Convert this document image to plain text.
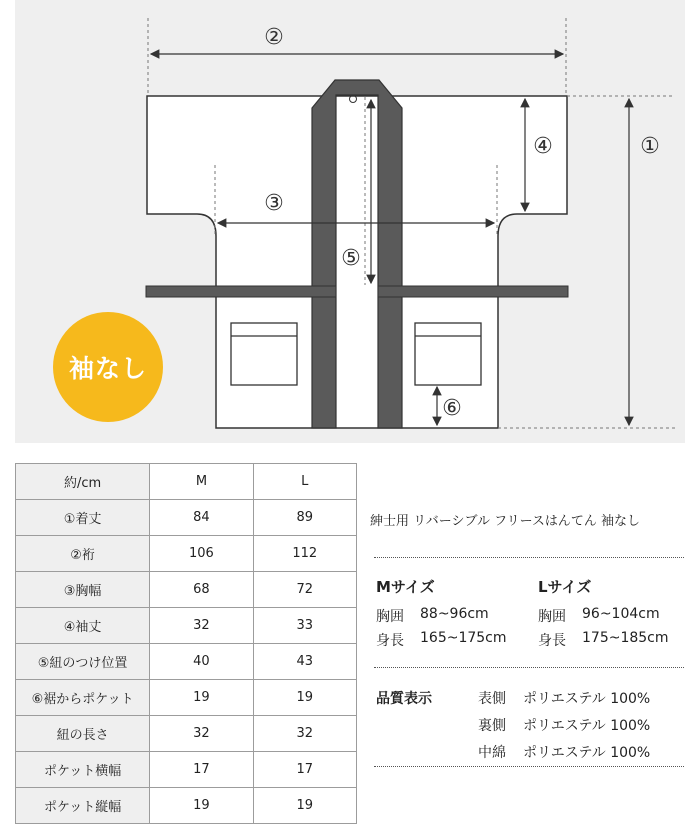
②
③
④	①
⑤
⑥
袖なし
約/cm	M	L
①着丈	84	89
②裄	106	112
③胸幅	68	72
④袖丈	32	33
⑤紐のつけ位置	40	43
⑥裾からポケット	19	19
紐の長さ	32	32
ポケット横幅	17	17
ポケット縦幅	19	19
紳士用 リバーシブル フリースはんてん 袖なし
Mサイズ	Lサイズ
胸囲 88~96cm	胸囲 96~104cm
身長 165~175cm 身長 175~185cm
品質表示	表側 ポリエステル 100%
裏側 ポリエステル 100%
中綿 ポリエステル 100%
